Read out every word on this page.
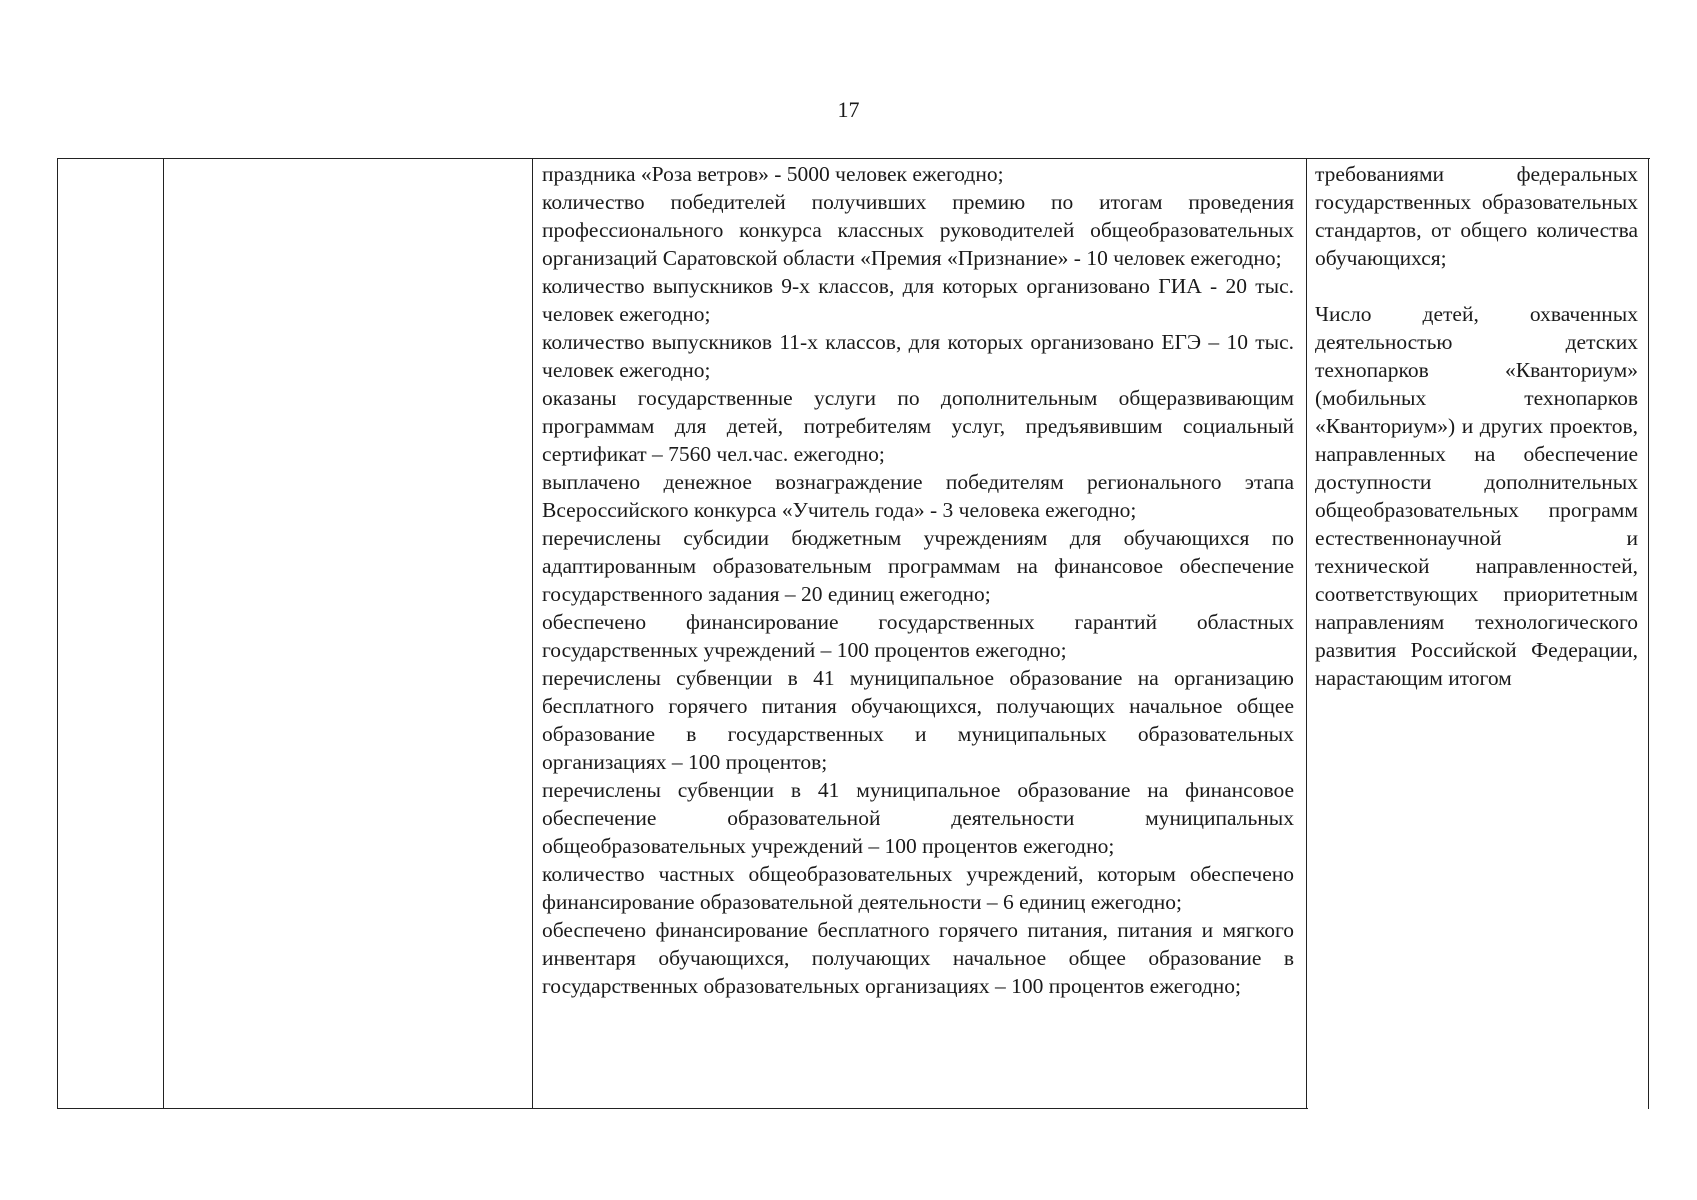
17

праздника «Роза ветров» - 5000 человек ежегодно;

количество победителей получивших премию по итогам проведения профессионального конкурса классных руководителей общеобразовательных организаций Саратовской области «Премия «Признание» - 10 человек ежегодно;

количество выпускников 9-х классов, для которых организовано ГИА - 20 тыс. человек ежегодно;

количество выпускников 11-х классов, для которых организовано ЕГЭ – 10 тыс. человек ежегодно;

оказаны государственные услуги по дополнительным общеразвивающим программам для детей, потребителям услуг, предъявившим социальный сертификат – 7560 чел.час. ежегодно;

выплачено денежное вознаграждение победителям регионального этапа Всероссийского конкурса «Учитель года» - 3 человека ежегодно;

перечислены субсидии бюджетным учреждениям для обучающихся по адаптированным образовательным программам на финансовое обеспечение государственного задания – 20 единиц ежегодно;

обеспечено финансирование государственных гарантий областных государственных учреждений – 100 процентов ежегодно;

перечислены субвенции в 41 муниципальное образование на организацию бесплатного горячего питания обучающихся, получающих начальное общее образование в государственных и муниципальных образовательных организациях – 100 процентов;

перечислены субвенции в 41 муниципальное образование на финансовое обеспечение образовательной деятельности муниципальных общеобразовательных учреждений – 100 процентов ежегодно;

количество частных общеобразовательных учреждений, которым обеспечено финансирование образовательной деятельности – 6 единиц ежегодно;

обеспечено финансирование бесплатного горячего питания, питания и мягкого инвентаря обучающихся, получающих начальное общее образование в государственных образовательных организациях – 100 процентов ежегодно;

требованиями федеральных государственных образовательных стандартов, от общего количества обучающихся;

Число детей, охваченных деятельностью детских технопарков «Кванториум» (мобильных технопарков «Кванториум») и других проектов, направленных на обеспечение доступности дополнительных общеобразовательных программ естественнонаучной и технической направленностей, соответствующих приоритетным направлениям технологического развития Российской Федерации, нарастающим итогом
